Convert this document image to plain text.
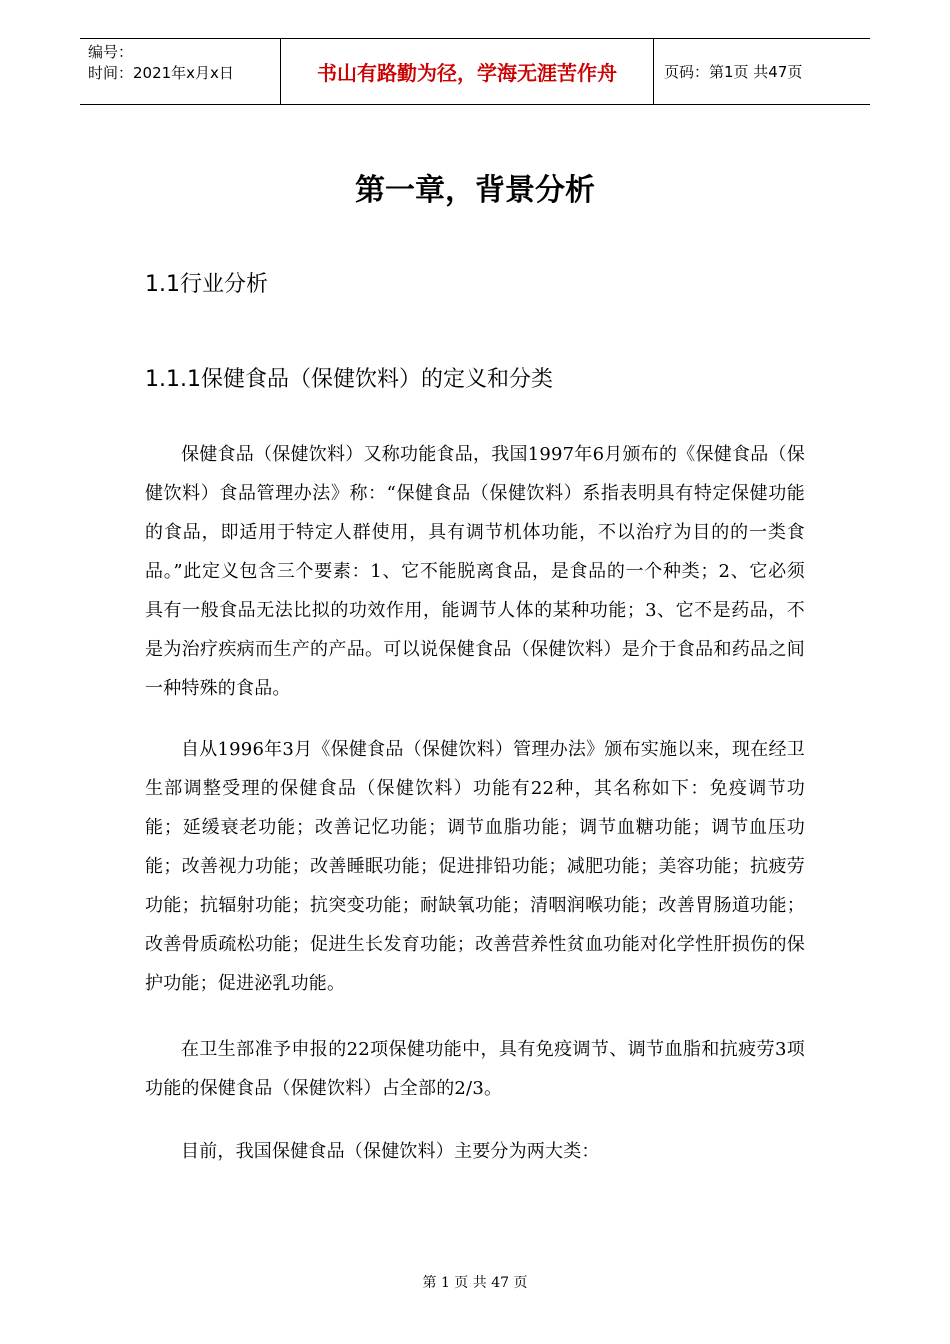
编号：
时间：2021年x月x日	书山有路勤为径，学海无涯苦作舟	页码：第1页 共47页
第一章，背景分析
1.1行业分析
1.1.1保健食品（保健饮料）的定义和分类

保健食品（保健饮料）又称功能食品，我国1997年6月颁布的《保健食品（保健饮料）食品管理办法》称：“保健食品（保健饮料）系指表明具有特定保健功能的食品，即适用于特定人群使用，具有调节机体功能，不以治疗为目的的一类食品。”此定义包含三个要素：1、它不能脱离食品，是食品的一个种类；2、它必须具有一般食品无法比拟的功效作用，能调节人体的某种功能；3、它不是药品，不是为治疗疾病而生产的产品。可以说保健食品（保健饮料）是介于食品和药品之间一种特殊的食品。

自从1996年3月《保健食品（保健饮料）管理办法》颁布实施以来，现在经卫生部调整受理的保健食品（保健饮料）功能有22种，其名称如下：免疫调节功能；延缓衰老功能；改善记忆功能；调节血脂功能；调节血糖功能；调节血压功能；改善视力功能；改善睡眠功能；促进排铅功能；减肥功能；美容功能；抗疲劳功能；抗辐射功能；抗突变功能；耐缺氧功能；清咽润喉功能；改善胃肠道功能；改善骨质疏松功能；促进生长发育功能；改善营养性贫血功能对化学性肝损伤的保护功能；促进泌乳功能。

在卫生部准予申报的22项保健功能中，具有免疫调节、调节血脂和抗疲劳3项功能的保健食品（保健饮料）占全部的2/3。

目前，我国保健食品（保健饮料）主要分为两大类：

第 1 页 共 47 页
